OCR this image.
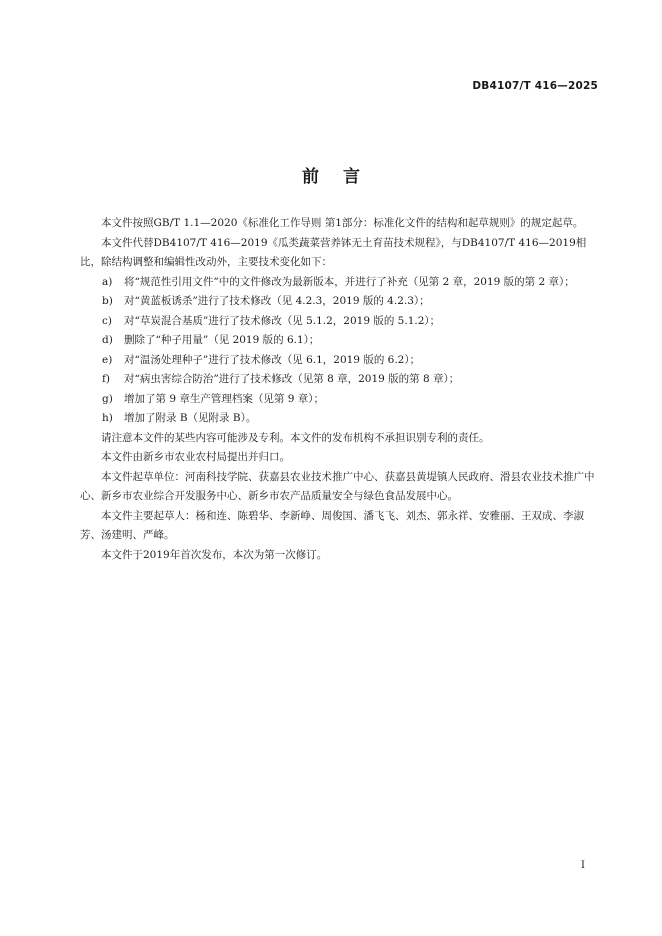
DB4107/T 416—2025
前言

本文件按照GB/T 1.1—2020《标准化工作导则 第1部分：标准化文件的结构和起草规则》的规定起草。

本文件代替DB4107/T 416—2019《瓜类蔬菜营养钵无土育苗技术规程》，与DB4107/T 416—2019相比，除结构调整和编辑性改动外，主要技术变化如下：

a) 将“规范性引用文件”中的文件修改为最新版本，并进行了补充（见第 2 章，2019 版的第 2 章）；

b) 对“黄蓝板诱杀”进行了技术修改（见 4.2.3，2019 版的 4.2.3）；

c) 对“草炭混合基质”进行了技术修改（见 5.1.2，2019 版的 5.1.2）；

d) 删除了“种子用量”（见 2019 版的 6.1）；

e) 对“温汤处理种子”进行了技术修改（见 6.1，2019 版的 6.2）；

f) 对“病虫害综合防治”进行了技术修改（见第 8 章，2019 版的第 8 章）；

g) 增加了第 9 章生产管理档案（见第 9 章）；

h) 增加了附录 B（见附录 B）。

请注意本文件的某些内容可能涉及专利。本文件的发布机构不承担识别专利的责任。

本文件由新乡市农业农村局提出并归口。

本文件起草单位：河南科技学院、获嘉县农业技术推广中心、获嘉县黄堤镇人民政府、滑县农业技术推广中心、新乡市农业综合开发服务中心、新乡市农产品质量安全与绿色食品发展中心。

本文件主要起草人：杨和连、陈碧华、李新峥、周俊国、潘飞飞、刘杰、郭永祥、安雅丽、王双成、李淑芳、汤建明、严峰。

本文件于2019年首次发布，本次为第一次修订。

I
